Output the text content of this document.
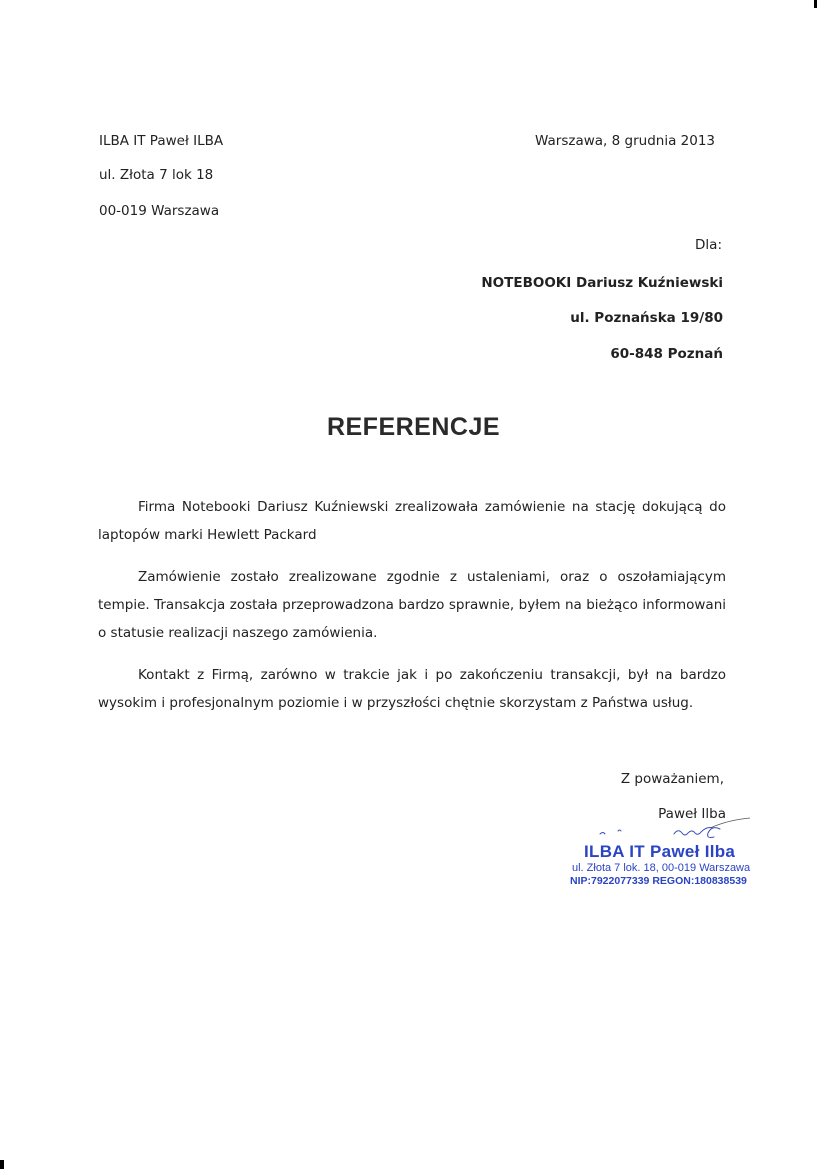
ILBA IT Paweł ILBA
ul. Złota 7 lok 18
00-019 Warszawa
Warszawa, 8 grudnia 2013
Dla:
NOTEBOOKI Dariusz Kuźniewski
ul. Poznańska 19/80
60-848 Poznań
REFERENCJE

Firma Notebooki Dariusz Kuźniewski zrealizowała zamówienie na stację dokującą do laptopów marki Hewlett Packard

Zamówienie zostało zrealizowane zgodnie z ustaleniami, oraz o oszołamiającym tempie. Transakcja została przeprowadzona bardzo sprawnie, byłem na bieżąco informowani o statusie realizacji naszego zamówienia.

Kontakt z Firmą, zarówno w trakcie jak i po zakończeniu transakcji, był na bardzo wysokim i profesjonalnym poziomie i w przyszłości chętnie skorzystam z Państwa usług.

Z poważaniem,
Paweł Ilba
ILBA IT Paweł Ilba
ul. Złota 7 lok. 18, 00-019 Warszawa
NIP:7922077339 REGON:180838539
